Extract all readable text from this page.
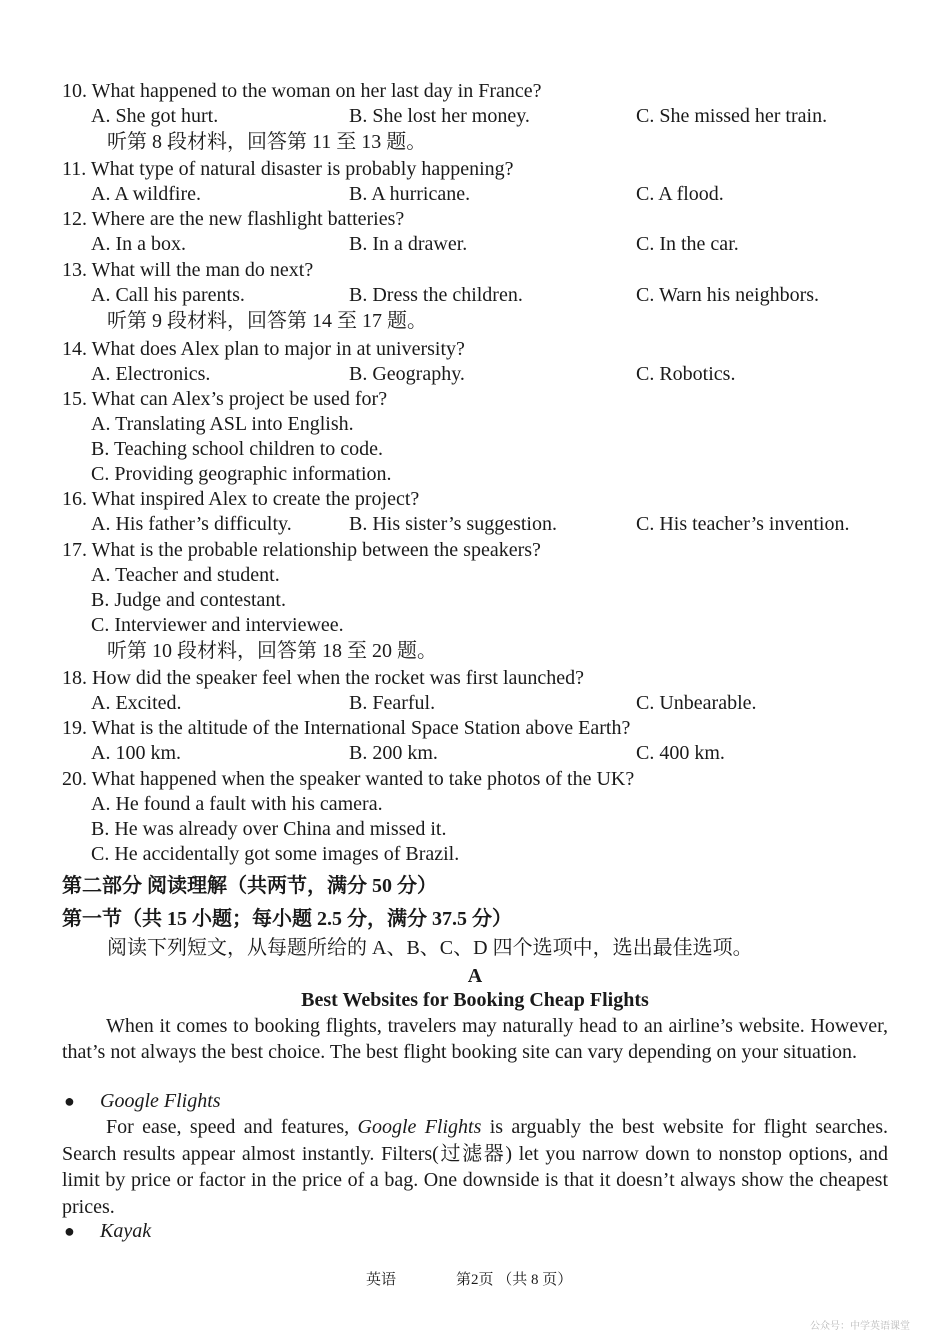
10. What happened to the woman on her last day in France?
A. She got hurt.	B. She lost her money.	C. She missed her train.
听第 8 段材料，回答第 11 至 13 题。
11. What type of natural disaster is probably happening?
A. A wildfire.	B. A hurricane.	C. A flood.
12. Where are the new flashlight batteries?
A. In a box.	B. In a drawer.	C. In the car.
13. What will the man do next?
A. Call his parents.	B. Dress the children.	C. Warn his neighbors.
听第 9 段材料，回答第 14 至 17 题。
14. What does Alex plan to major in at university?
A. Electronics.	B. Geography.	C. Robotics.
15. What can Alex’s project be used for?
A. Translating ASL into English.
B. Teaching school children to code.
C. Providing geographic information.
16. What inspired Alex to create the project?
A. His father’s difficulty.	B. His sister’s suggestion.	C. His teacher’s invention.
17. What is the probable relationship between the speakers?
A. Teacher and student.
B. Judge and contestant.
C. Interviewer and interviewee.
听第 10 段材料，回答第 18 至 20 题。
18. How did the speaker feel when the rocket was first launched?
A. Excited.	B. Fearful.	C. Unbearable.
19. What is the altitude of the International Space Station above Earth?
A. 100 km.	B. 200 km.	C. 400 km.
20. What happened when the speaker wanted to take photos of the UK?
A. He found a fault with his camera.
B. He was already over China and missed it.
C. He accidentally got some images of Brazil.
第二部分 阅读理解（共两节，满分 50 分）
第一节（共 15 小题；每小题 2.5 分，满分 37.5 分）
阅读下列短文，从每题所给的 A、B、C、D 四个选项中，选出最佳选项。
A
Best Websites for Booking Cheap Flights
When it comes to booking flights, travelers may naturally head to an airline’s website. However, that’s not always the best choice. The best flight booking site can vary depending on your situation.
● Google Flights
For ease, speed and features, Google Flights is arguably the best website for flight searches. Search results appear almost instantly. Filters(过滤器) let you narrow down to nonstop options, and limit by price or factor in the price of a bag. One downside is that it doesn’t always show the cheapest prices.
● Kayak
英语	第2页 （共 8 页）
公众号：中学英语课堂
